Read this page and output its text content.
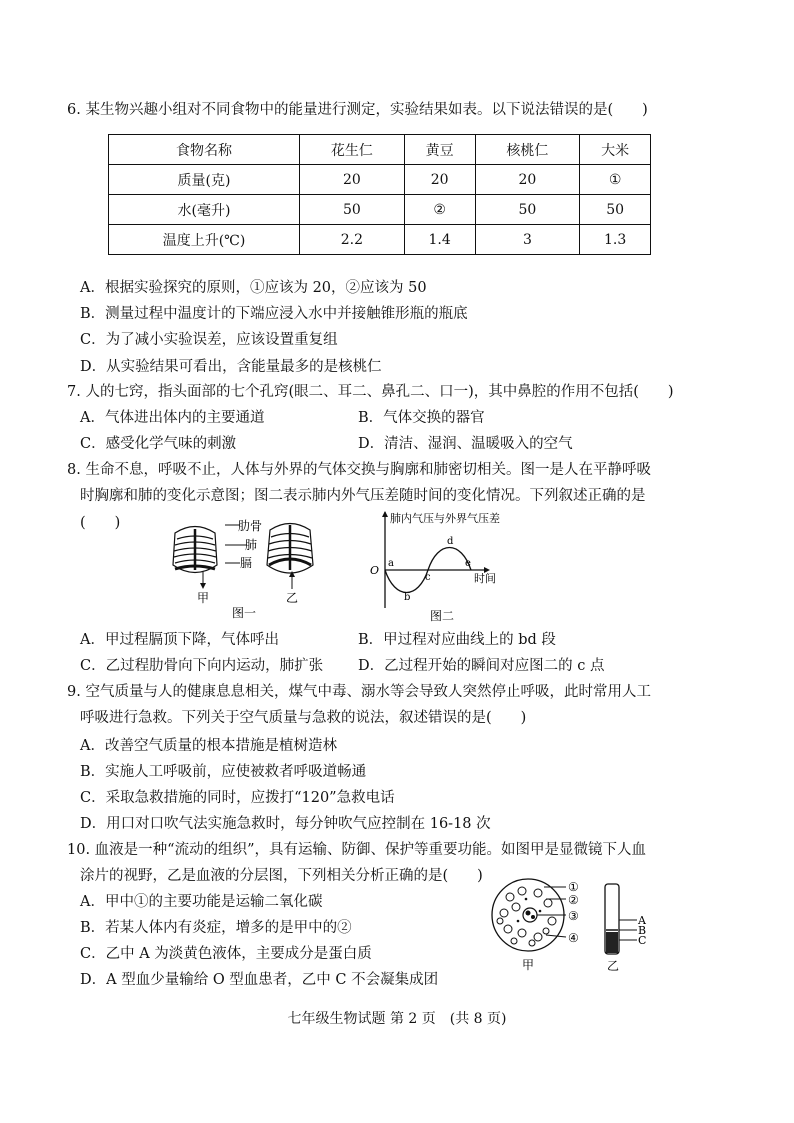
6. 某生物兴趣小组对不同食物中的能量进行测定，实验结果如表。以下说法错误的是(　　)
食物名称	花生仁	黄豆	核桃仁	大米
质量(克)	20	20	20	①
水(毫升)	50	②	50	50
温度上升(℃)	2.2	1.4	3	1.3
A．根据实验探究的原则，①应该为 20，②应该为 50
B．测量过程中温度计的下端应浸入水中并接触锥形瓶的瓶底
C．为了减小实验误差，应该设置重复组
D．从实验结果可看出，含能量最多的是核桃仁
7. 人的七窍，指头面部的七个孔窍(眼二、耳二、鼻孔二、口一)，其中鼻腔的作用不包括(　　)
A．气体进出体内的主要通道	B．气体交换的器官
C．感受化学气味的刺激	D．清洁、湿润、温暖吸入的空气
8. 生命不息，呼吸不止，人体与外界的气体交换与胸廓和肺密切相关。图一是人在平静呼吸
时胸廓和肺的变化示意图；图二表示肺内外气压差随时间的变化情况。下列叙述正确的是
(　　)	肋骨
肺
膈
甲	乙
图一
肺内气压与外界气压差
O
a
b
c
d
e
时间
图二
A．甲过程膈顶下降，气体呼出	B．甲过程对应曲线上的 bd 段
C．乙过程肋骨向下向内运动，肺扩张 D．乙过程开始的瞬间对应图二的 c 点
9. 空气质量与人的健康息息相关，煤气中毒、溺水等会导致人突然停止呼吸，此时常用人工
呼吸进行急救。下列关于空气质量与急救的说法，叙述错误的是(　　)
A．改善空气质量的根本措施是植树造林
B．实施人工呼吸前，应使被救者呼吸道畅通
C．采取急救措施的同时，应拨打“120”急救电话
D．用口对口吹气法实施急救时，每分钟吹气应控制在 16-18 次
10. 血液是一种“流动的组织”，具有运输、防御、保护等重要功能。如图甲是显微镜下人血
涂片的视野，乙是血液的分层图，下列相关分析正确的是(　　)
A．甲中①的主要功能是运输二氧化碳
B．若某人体内有炎症，增多的是甲中的②
C．乙中 A 为淡黄色液体，主要成分是蛋白质
D．A 型血少量输给 O 型血患者，乙中 C 不会凝集成团
①
②
③
④
甲
A
B
C
乙
七年级生物试题 第 2 页　(共 8 页)
